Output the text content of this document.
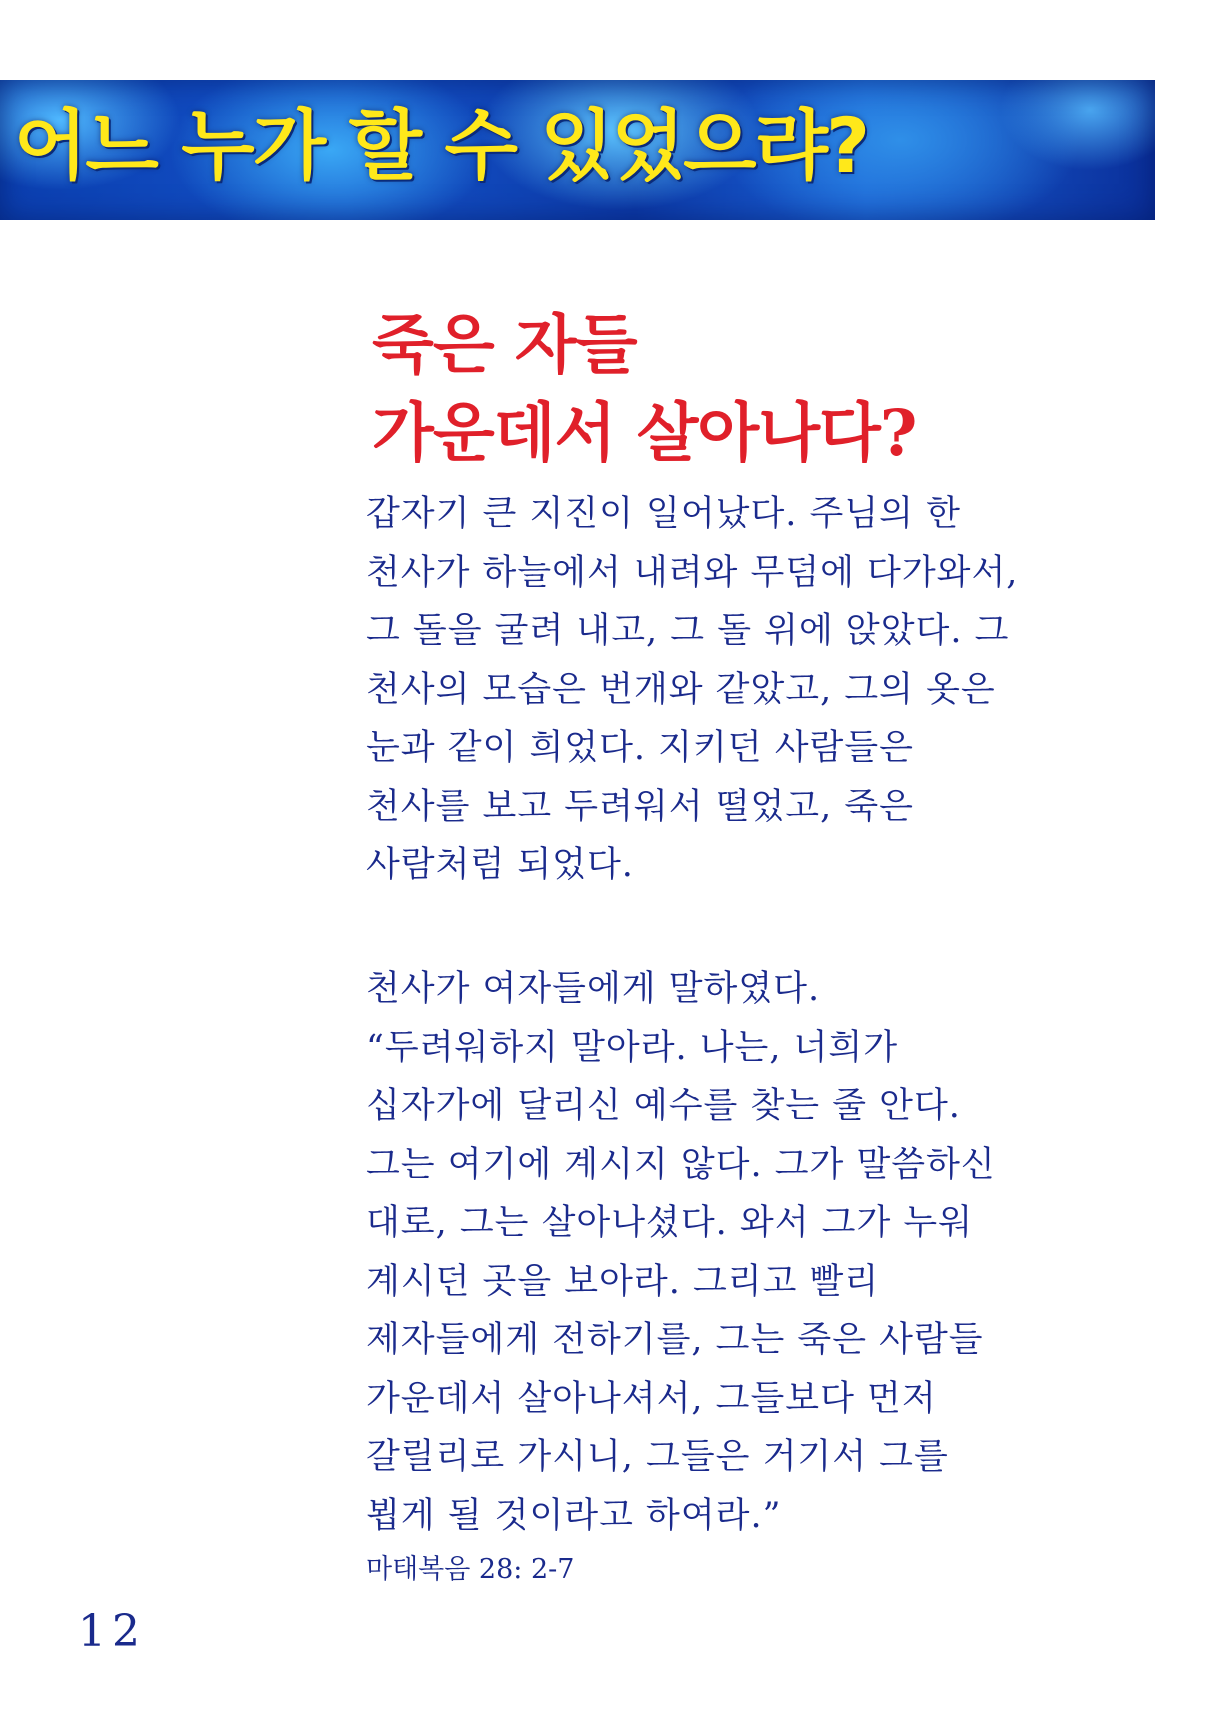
어느 누가 할 수 있었으랴?
죽은 자들
가운데서 살아나다?

갑자기 큰 지진이 일어났다. 주님의 한
천사가 하늘에서 내려와 무덤에 다가와서,
그 돌을 굴려 내고, 그 돌 위에 앉았다. 그
천사의 모습은 번개와 같았고, 그의 옷은
눈과 같이 희었다. 지키던 사람들은
천사를 보고 두려워서 떨었고, 죽은
사람처럼 되었다.

천사가 여자들에게 말하였다.
“두려워하지 말아라. 나는, 너희가
십자가에 달리신 예수를 찾는 줄 안다.
그는 여기에 계시지 않다. 그가 말씀하신
대로, 그는 살아나셨다. 와서 그가 누워
계시던 곳을 보아라. 그리고 빨리
제자들에게 전하기를, 그는 죽은 사람들
가운데서 살아나셔서, 그들보다 먼저
갈릴리로 가시니, 그들은 거기서 그를
뵙게 될 것이라고 하여라.”

마태복음 28: 2-7

12
